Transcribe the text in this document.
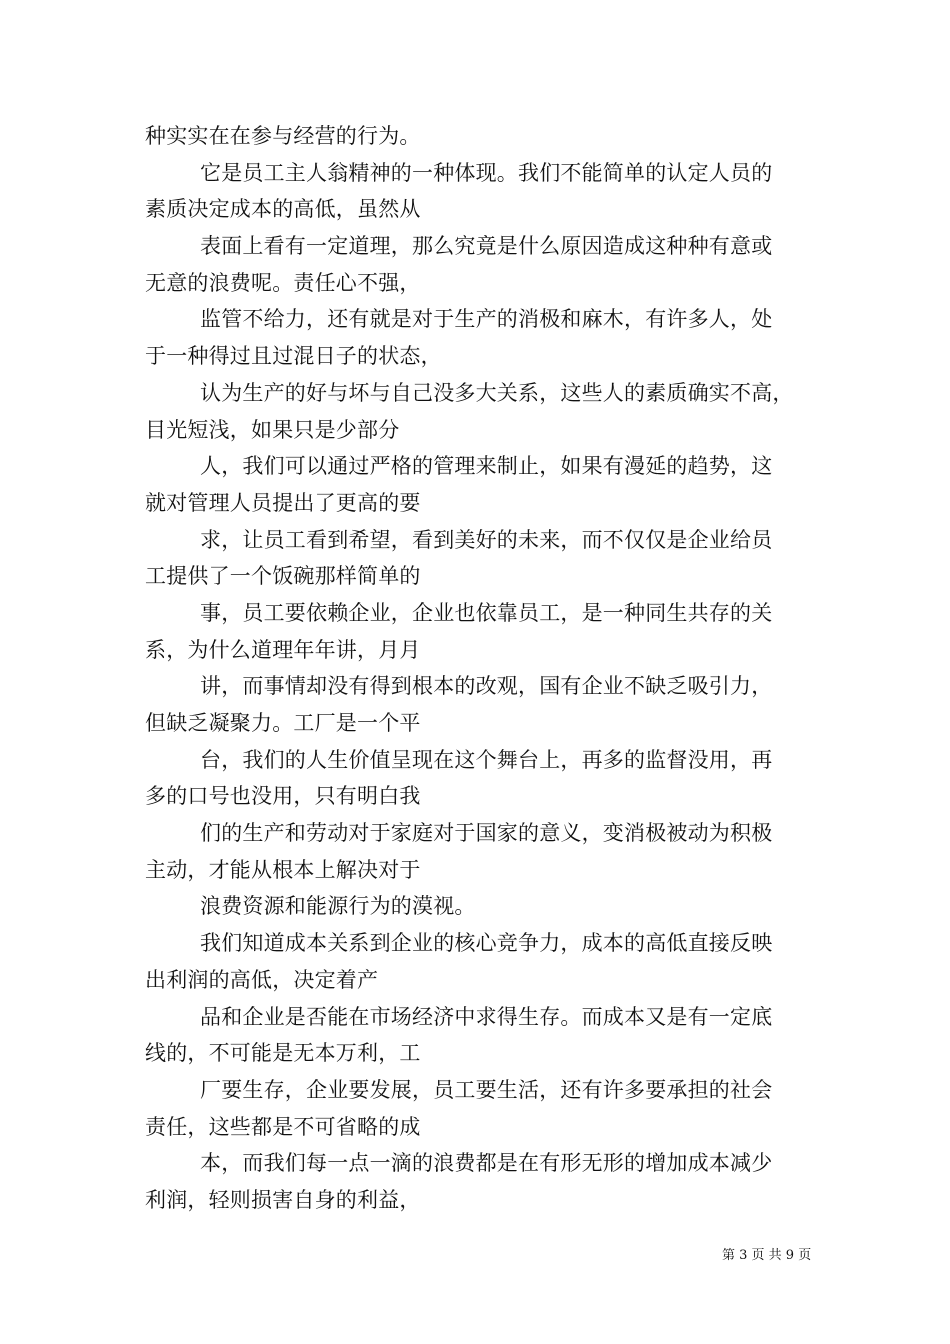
种实实在在参与经营的行为。
它是员工主人翁精神的一种体现。我们不能简单的认定人员的
素质决定成本的高低，虽然从
表面上看有一定道理，那么究竟是什么原因造成这种种有意或
无意的浪费呢。责任心不强，
监管不给力，还有就是对于生产的消极和麻木，有许多人，处
于一种得过且过混日子的状态，
认为生产的好与坏与自己没多大关系，这些人的素质确实不高，
目光短浅，如果只是少部分
人，我们可以通过严格的管理来制止，如果有漫延的趋势，这
就对管理人员提出了更高的要
求，让员工看到希望，看到美好的未来，而不仅仅是企业给员
工提供了一个饭碗那样简单的
事，员工要依赖企业，企业也依靠员工，是一种同生共存的关
系，为什么道理年年讲，月月
讲，而事情却没有得到根本的改观，国有企业不缺乏吸引力，
但缺乏凝聚力。工厂是一个平
台，我们的人生价值呈现在这个舞台上，再多的监督没用，再
多的口号也没用，只有明白我
们的生产和劳动对于家庭对于国家的意义，变消极被动为积极
主动，才能从根本上解决对于
浪费资源和能源行为的漠视。
我们知道成本关系到企业的核心竞争力，成本的高低直接反映
出利润的高低，决定着产
品和企业是否能在市场经济中求得生存。而成本又是有一定底
线的，不可能是无本万利，工
厂要生存，企业要发展，员工要生活，还有许多要承担的社会
责任，这些都是不可省略的成
本，而我们每一点一滴的浪费都是在有形无形的增加成本减少
利润，轻则损害自身的利益，
第 3 页 共 9 页
